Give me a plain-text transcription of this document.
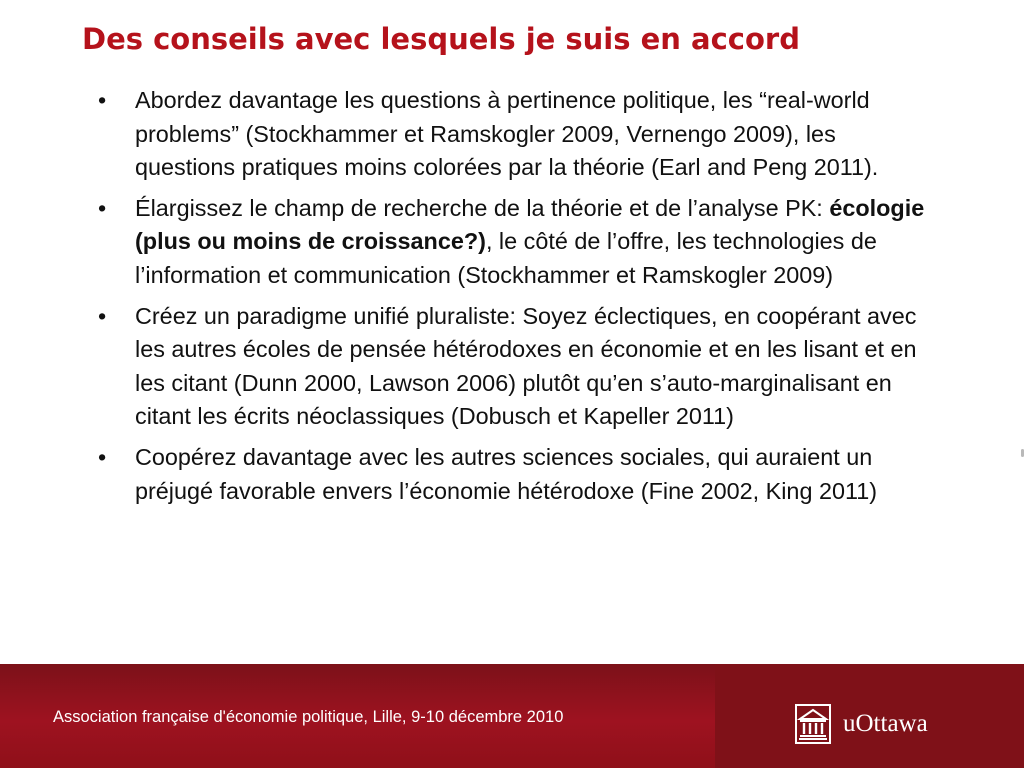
Des conseils avec lesquels je suis en accord
• Abordez davantage les questions à pertinence politique, les “real-world problems” (Stockhammer et Ramskogler 2009, Vernengo 2009), les questions pratiques moins colorées par la théorie (Earl and Peng 2011).
• Élargissez le champ de recherche de la théorie et de l’analyse PK: écologie (plus ou moins de croissance?), le côté de l’offre, les technologies de l’information et communication (Stockhammer et Ramskogler 2009)
• Créez un paradigme unifié pluraliste: Soyez éclectiques, en coopérant avec les autres écoles de pensée hétérodoxes en économie et en les lisant et en les citant (Dunn 2000, Lawson 2006) plutôt qu’en s’auto-marginalisant en citant les écrits néoclassiques (Dobusch et Kapeller 2011)
• Coopérez davantage avec les autres sciences sociales, qui auraient un préjugé favorable envers l’économie hétérodoxe (Fine 2002, King 2011)
Association française d'économie politique, Lille, 9-10 décembre 2010	uOttawa
